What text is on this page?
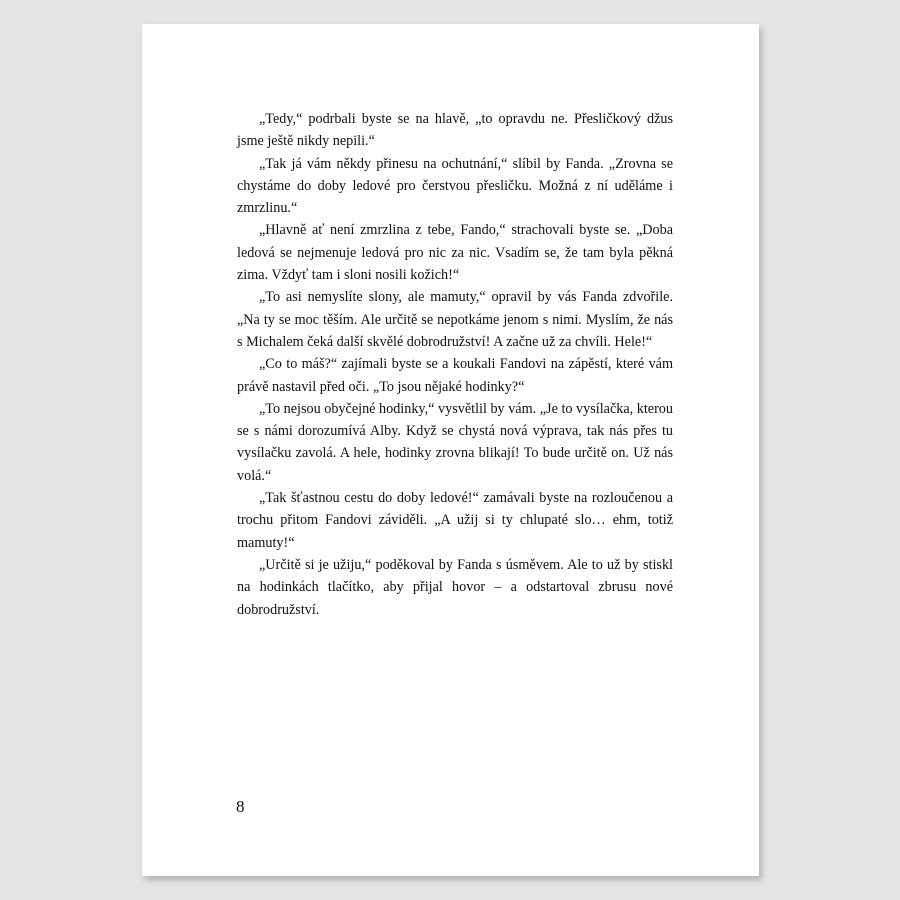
„Tedy,“ podrbali byste se na hlavě, „to opravdu ne. Přesličkový džus jsme ještě nikdy nepili.“

„Tak já vám někdy přinesu na ochutnání,“ slíbil by Fanda. „Zrovna se chystáme do doby ledové pro čerstvou přesličku. Možná z ní uděláme i zmrzlinu.“

„Hlavně ať není zmrzlina z tebe, Fando,“ strachovali byste se. „Doba ledová se nejmenuje ledová pro nic za nic. Vsadím se, že tam byla pěkná zima. Vždyť tam i sloni nosili kožich!“

„To asi nemyslíte slony, ale mamuty,“ opravil by vás Fanda zdvořile. „Na ty se moc těším. Ale určitě se nepotkáme jenom s nimi. Myslím, že nás s Michalem čeká další skvělé dobrodružství! A začne už za chvíli. Hele!“

„Co to máš?“ zajímali byste se a koukali Fandovi na zápěstí, které vám právě nastavil před oči. „To jsou nějaké hodinky?“

„To nejsou obyčejné hodinky,“ vysvětlil by vám. „Je to vysílačka, kterou se s námi dorozumívá Alby. Když se chystá nová výprava, tak nás přes tu vysílačku zavolá. A hele, hodinky zrovna blikají! To bude určitě on. Už nás volá.“

„Tak šťastnou cestu do doby ledové!“ zamávali byste na rozloučenou a trochu přitom Fandovi záviděli. „A užij si ty chlupaté slo… ehm, totiž mamuty!“

„Určitě si je užiju,“ poděkoval by Fanda s úsměvem. Ale to už by stiskl na hodinkách tlačítko, aby přijal hovor – a odstartoval zbrusu nové dobrodružství.

8
